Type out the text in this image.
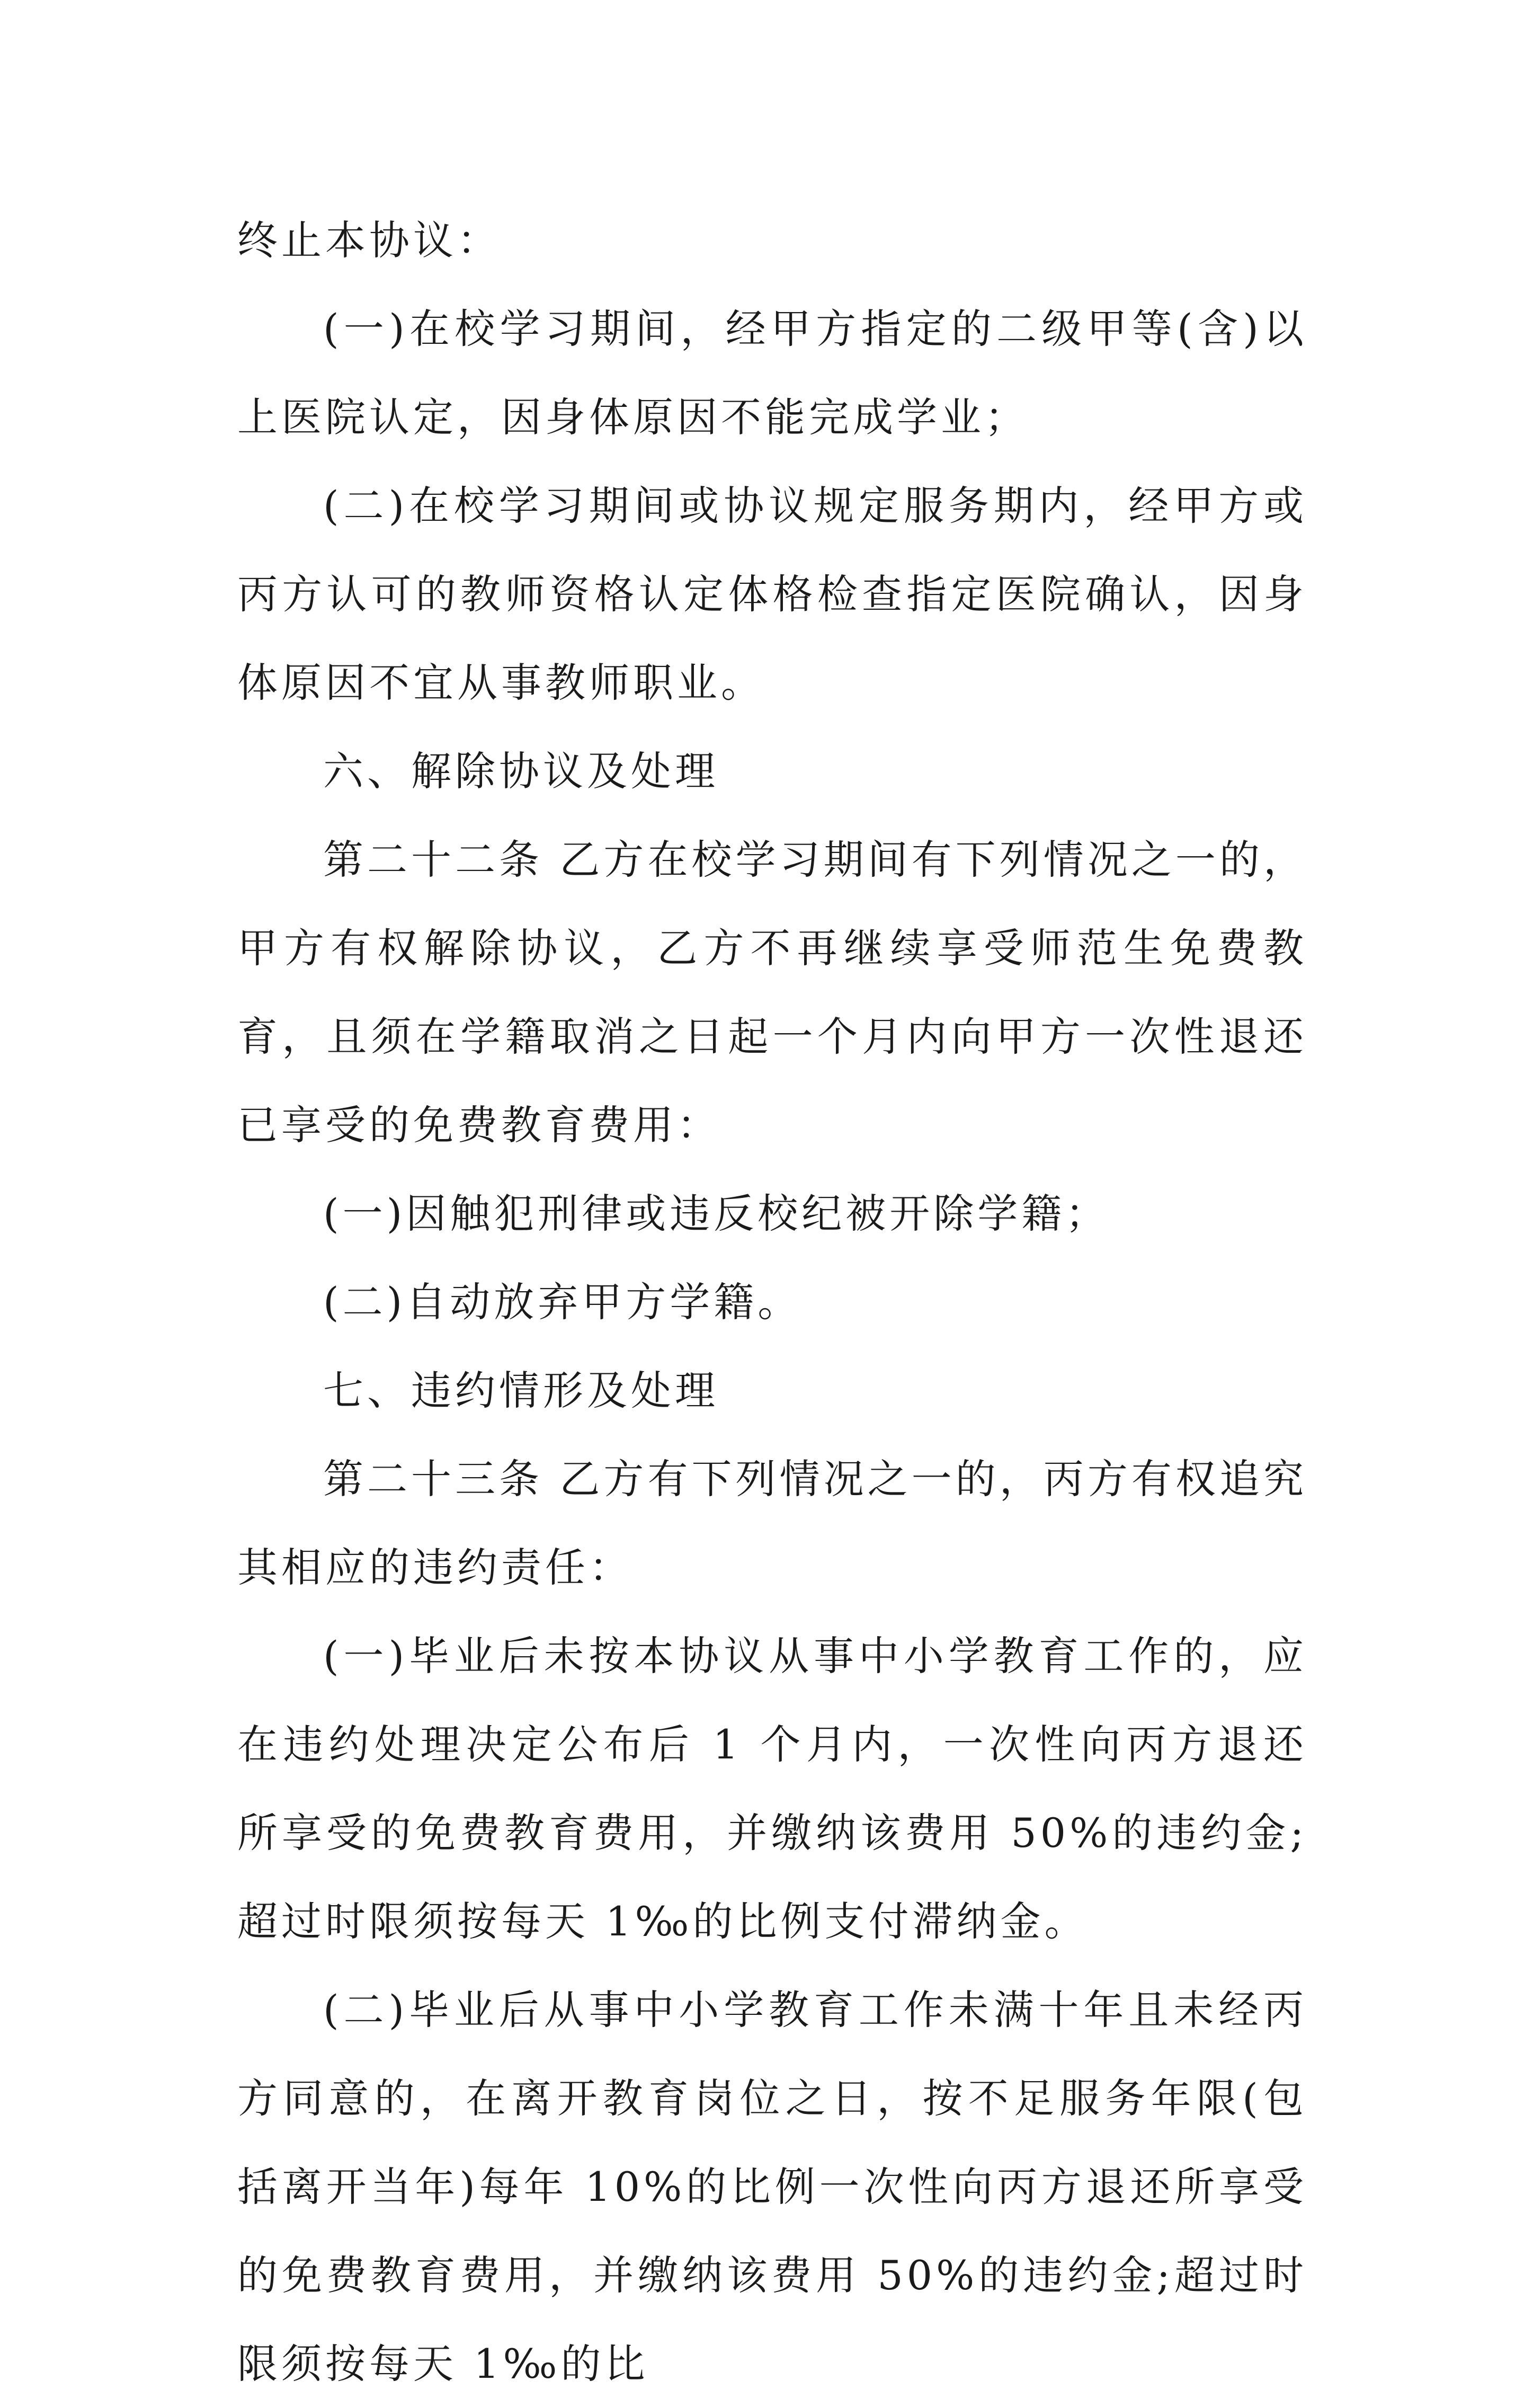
终止本协议：

(一)在校学习期间，经甲方指定的二级甲等(含)以上医院认定，因身体原因不能完成学业；

(二)在校学习期间或协议规定服务期内，经甲方或丙方认可的教师资格认定体格检查指定医院确认，因身体原因不宜从事教师职业。

六、解除协议及处理

第二十二条 乙方在校学习期间有下列情况之一的，甲方有权解除协议，乙方不再继续享受师范生免费教育，且须在学籍取消之日起一个月内向甲方一次性退还已享受的免费教育费用：

(一)因触犯刑律或违反校纪被开除学籍；

(二)自动放弃甲方学籍。

七、违约情形及处理

第二十三条 乙方有下列情况之一的，丙方有权追究其相应的违约责任：

(一)毕业后未按本协议从事中小学教育工作的，应在违约处理决定公布后 1 个月内，一次性向丙方退还所享受的免费教育费用，并缴纳该费用 50%的违约金;超过时限须按每天 1‰的比例支付滞纳金。

(二)毕业后从事中小学教育工作未满十年且未经丙方同意的，在离开教育岗位之日，按不足服务年限(包括离开当年)每年 10%的比例一次性向丙方退还所享受的免费教育费用，并缴纳该费用 50%的违约金;超过时限须按每天 1‰的比
